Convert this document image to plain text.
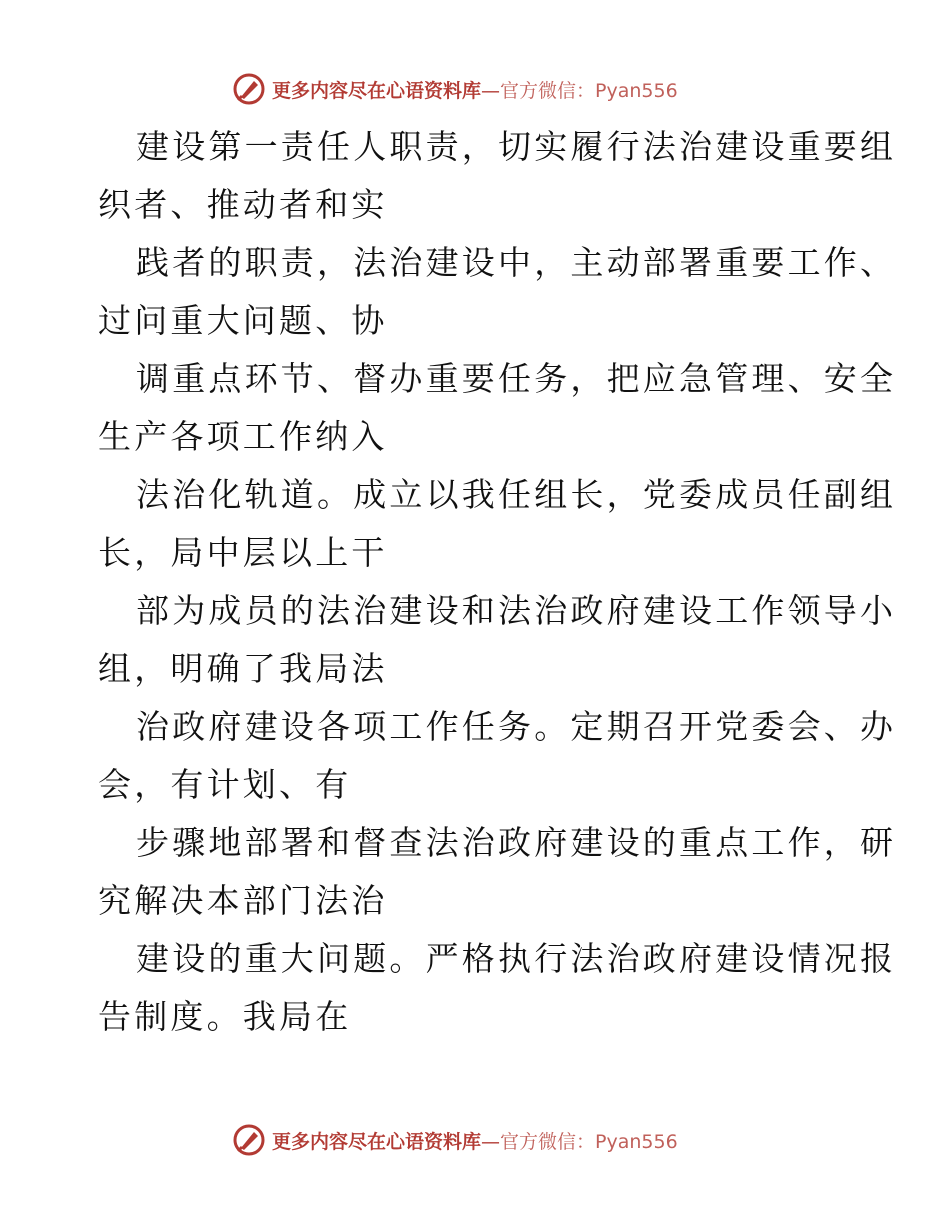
更多内容尽在心语资料库—官方微信：Pyan556
建设第一责任人职责，切实履行法治建设重要组
织者、推动者和实
践者的职责，法治建设中，主动部署重要工作、
过问重大问题、协
调重点环节、督办重要任务，把应急管理、安全
生产各项工作纳入
法治化轨道。成立以我任组长，党委成员任副组
长，局中层以上干
部为成员的法治建设和法治政府建设工作领导小
组，明确了我局法
治政府建设各项工作任务。定期召开党委会、办
会，有计划、有
步骤地部署和督查法治政府建设的重点工作，研
究解决本部门法治
建设的重大问题。严格执行法治政府建设情况报
告制度。我局在
更多内容尽在心语资料库—官方微信：Pyan556
